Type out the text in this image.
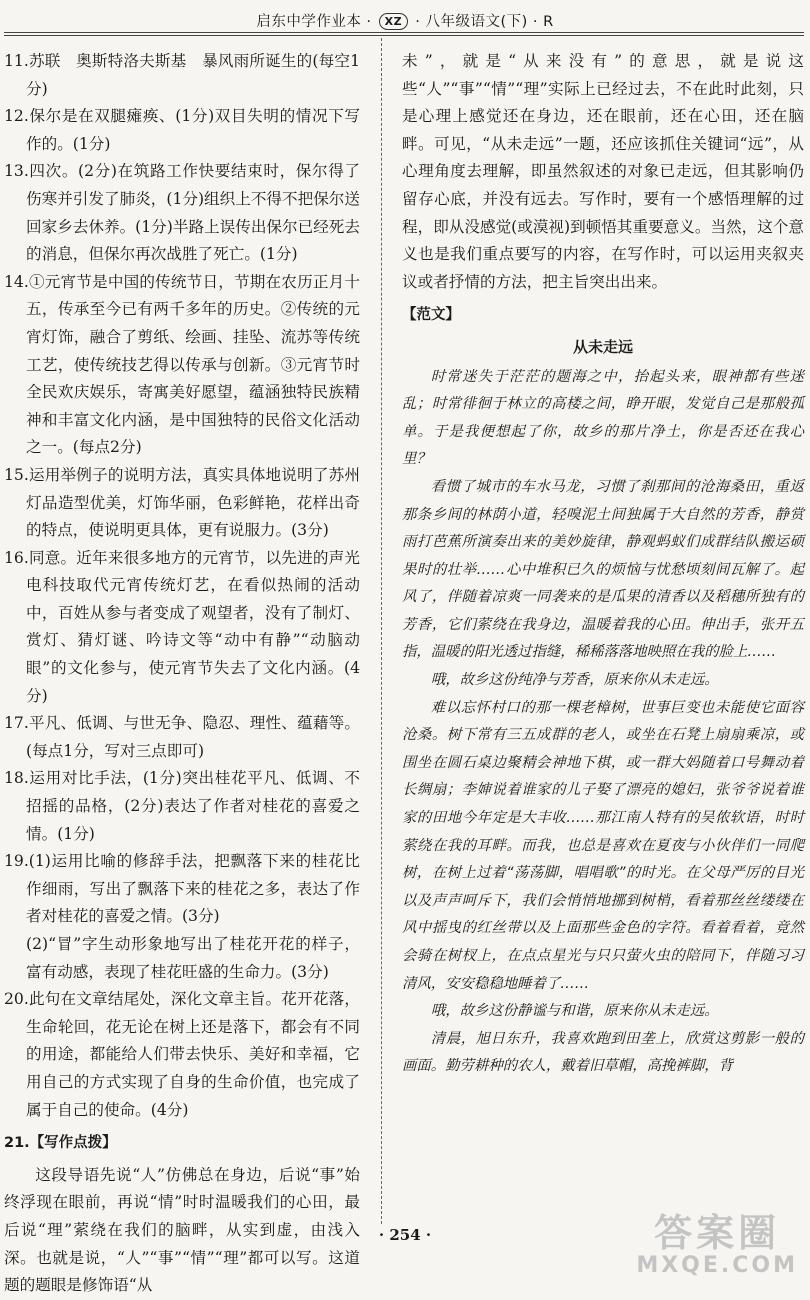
启东中学作业本 · XZ · 八年级语文(下) · R

11.苏联　奥斯特洛夫斯基　暴风雨所诞生的(每空1分)

12.保尔是在双腿瘫痪、(1分)双目失明的情况下写作的。(1分)

13.四次。(2分)在筑路工作快要结束时，保尔得了伤寒并引发了肺炎，(1分)组织上不得不把保尔送回家乡去休养。(1分)半路上误传出保尔已经死去的消息，但保尔再次战胜了死亡。(1分)

14.①元宵节是中国的传统节日，节期在农历正月十五，传承至今已有两千多年的历史。②传统的元宵灯饰，融合了剪纸、绘画、挂坠、流苏等传统工艺，使传统技艺得以传承与创新。③元宵节时全民欢庆娱乐，寄寓美好愿望，蕴涵独特民族精神和丰富文化内涵，是中国独特的民俗文化活动之一。(每点2分)

15.运用举例子的说明方法，真实具体地说明了苏州灯品造型优美，灯饰华丽，色彩鲜艳，花样出奇的特点，使说明更具体，更有说服力。(3分)

16.同意。近年来很多地方的元宵节，以先进的声光电科技取代元宵传统灯艺，在看似热闹的活动中，百姓从参与者变成了观望者，没有了制灯、赏灯、猜灯谜、吟诗文等“动中有静”“动脑动眼”的文化参与，使元宵节失去了文化内涵。(4分)

17.平凡、低调、与世无争、隐忍、理性、蕴藉等。(每点1分，写对三点即可)

18.运用对比手法，(1分)突出桂花平凡、低调、不招摇的品格，(2分)表达了作者对桂花的喜爱之情。(1分)

19.(1)运用比喻的修辞手法，把飘落下来的桂花比作细雨，写出了飘落下来的桂花之多，表达了作者对桂花的喜爱之情。(3分)

(2)“冒”字生动形象地写出了桂花开花的样子，富有动感，表现了桂花旺盛的生命力。(3分)

20.此句在文章结尾处，深化文章主旨。花开花落，生命轮回，花无论在树上还是落下，都会有不同的用途，都能给人们带去快乐、美好和幸福，它用自己的方式实现了自身的生命价值，也完成了属于自己的使命。(4分)

21.【写作点拨】

这段导语先说“人”仿佛总在身边，后说“事”始终浮现在眼前，再说“情”时时温暖我们的心田，最后说“理”萦绕在我们的脑畔，从实到虚，由浅入深。也就是说，“人”“事”“情”“理”都可以写。这道题的题眼是修饰语“从

未”，就是“从来没有”的意思，就是说这些“人”“事”“情”“理”实际上已经过去，不在此时此刻，只是心理上感觉还在身边，还在眼前，还在心田，还在脑畔。可见，“从未走远”一题，还应该抓住关键词“远”，从心理角度去理解，即虽然叙述的对象已走远，但其影响仍留存心底，并没有远去。写作时，要有一个感悟理解的过程，即从没感觉(或漠视)到顿悟其重要意义。当然，这个意义也是我们重点要写的内容，在写作时，可以运用夹叙夹议或者抒情的方法，把主旨突出出来。

【范文】

从未走远

时常迷失于茫茫的题海之中，抬起头来，眼神都有些迷乱；时常徘徊于林立的高楼之间，睁开眼，发觉自己是那般孤单。于是我便想起了你，故乡的那片净土，你是否还在我心里？

看惯了城市的车水马龙，习惯了刹那间的沧海桑田，重返那条乡间的林荫小道，轻嗅泥土间独属于大自然的芳香，静赏雨打芭蕉所演奏出来的美妙旋律，静观蚂蚁们成群结队搬运硕果时的壮举……心中堆积已久的烦恼与忧愁顷刻间瓦解了。起风了，伴随着凉爽一同袭来的是瓜果的清香以及稻穗所独有的芳香，它们萦绕在我身边，温暖着我的心田。伸出手，张开五指，温暖的阳光透过指缝，稀稀落落地映照在我的脸上……

哦，故乡这份纯净与芳香，原来你从未走远。

难以忘怀村口的那一棵老樟树，世事巨变也未能使它面容沧桑。树下常有三五成群的老人，或坐在石凳上扇扇乘凉，或围坐在圆石桌边聚精会神地下棋，或一群大妈随着口号舞动着长绸扇；李婶说着谁家的儿子娶了漂亮的媳妇，张爷爷说着谁家的田地今年定是大丰收……那江南人特有的吴侬软语，时时萦绕在我的耳畔。而我，也总是喜欢在夏夜与小伙伴们一同爬树，在树上过着“荡荡脚，唱唱歌”的时光。在父母严厉的目光以及声声呵斥下，我们会悄悄地挪到树梢，看着那丝丝缕缕在风中摇曳的红丝带以及上面那些金色的字符。看着看着，竟然会骑在树杈上，在点点星光与只只萤火虫的陪同下，伴随习习清风，安安稳稳地睡着了……

哦，故乡这份静谧与和谐，原来你从未走远。

清晨，旭日东升，我喜欢跑到田垄上，欣赏这剪影一般的画面。勤劳耕种的农人，戴着旧草帽，高挽裤脚，背

· 254 ·	答案圈
MXQE.COM
